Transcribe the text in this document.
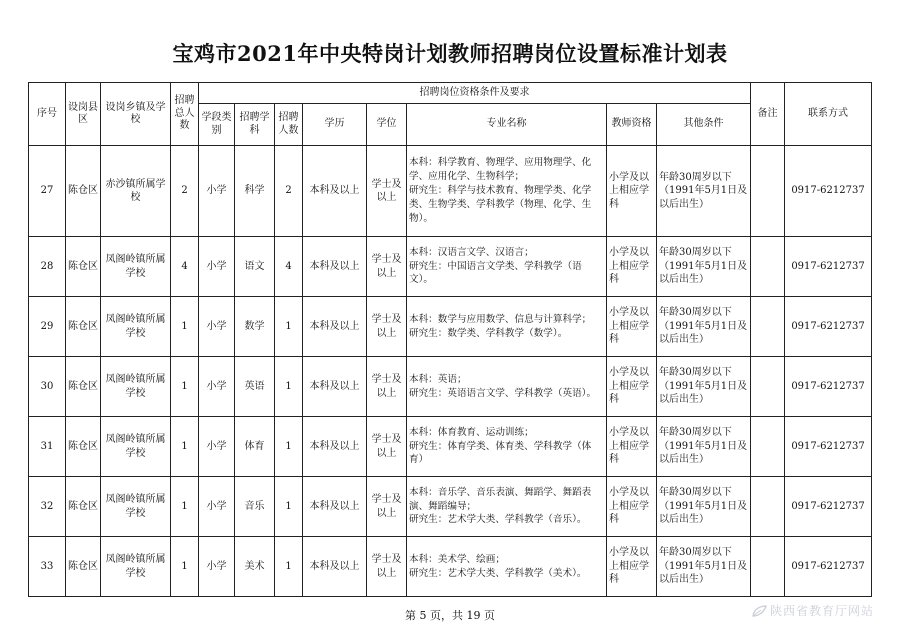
宝鸡市2021年中央特岗计划教师招聘岗位设置标准计划表
序号	设岗县区	设岗乡镇及学校	招聘总人数	招聘岗位资格条件及要求								备注	联系方式
				学段类别	招聘学科	招聘人数	学历	学位	专业名称	教师资格	其他条件		
27	陈仓区	赤沙镇所属学校	2	小学	科学	2	本科及以上	学士及以上	本科：科学教育、物理学、应用物理学、化学、应用化学、生物科学；
研究生：科学与技术教育、物理学类、化学类、生物学类、学科教学（物理、化学、生物）。	小学及以上相应学科	年龄30周岁以下（1991年5月1日及以后出生）		0917-6212737
28	陈仓区	凤阁岭镇所属学校	4	小学	语文	4	本科及以上	学士及以上	本科：汉语言文学、汉语言；
研究生：中国语言文学类、学科教学（语文）。	小学及以上相应学科	年龄30周岁以下（1991年5月1日及以后出生）		0917-6212737
29	陈仓区	凤阁岭镇所属学校	1	小学	数学	1	本科及以上	学士及以上	本科：数学与应用数学、信息与计算科学；
研究生：数学类、学科教学（数学）。	小学及以上相应学科	年龄30周岁以下（1991年5月1日及以后出生）		0917-6212737
30	陈仓区	凤阁岭镇所属学校	1	小学	英语	1	本科及以上	学士及以上	本科：英语；
研究生：英语语言文学、学科教学（英语）。	小学及以上相应学科	年龄30周岁以下（1991年5月1日及以后出生）		0917-6212737
31	陈仓区	凤阁岭镇所属学校	1	小学	体育	1	本科及以上	学士及以上	本科：体育教育、运动训练；
研究生：体育学类、体育类、学科教学（体育）	小学及以上相应学科	年龄30周岁以下（1991年5月1日及以后出生）		0917-6212737
32	陈仓区	凤阁岭镇所属学校	1	小学	音乐	1	本科及以上	学士及以上	本科：音乐学、音乐表演、舞蹈学、舞蹈表演、舞蹈编导；
研究生：艺术学大类、学科教学（音乐）。	小学及以上相应学科	年龄30周岁以下（1991年5月1日及以后出生）		0917-6212737
33	陈仓区	凤阁岭镇所属学校	1	小学	美术	1	本科及以上	学士及以上	本科：美术学、绘画；
研究生：艺术学大类、学科教学（美术）。	小学及以上相应学科	年龄30周岁以下（1991年5月1日及以后出生）		0917-6212737
第 5 页，共 19 页	陕西省教育厅网站
